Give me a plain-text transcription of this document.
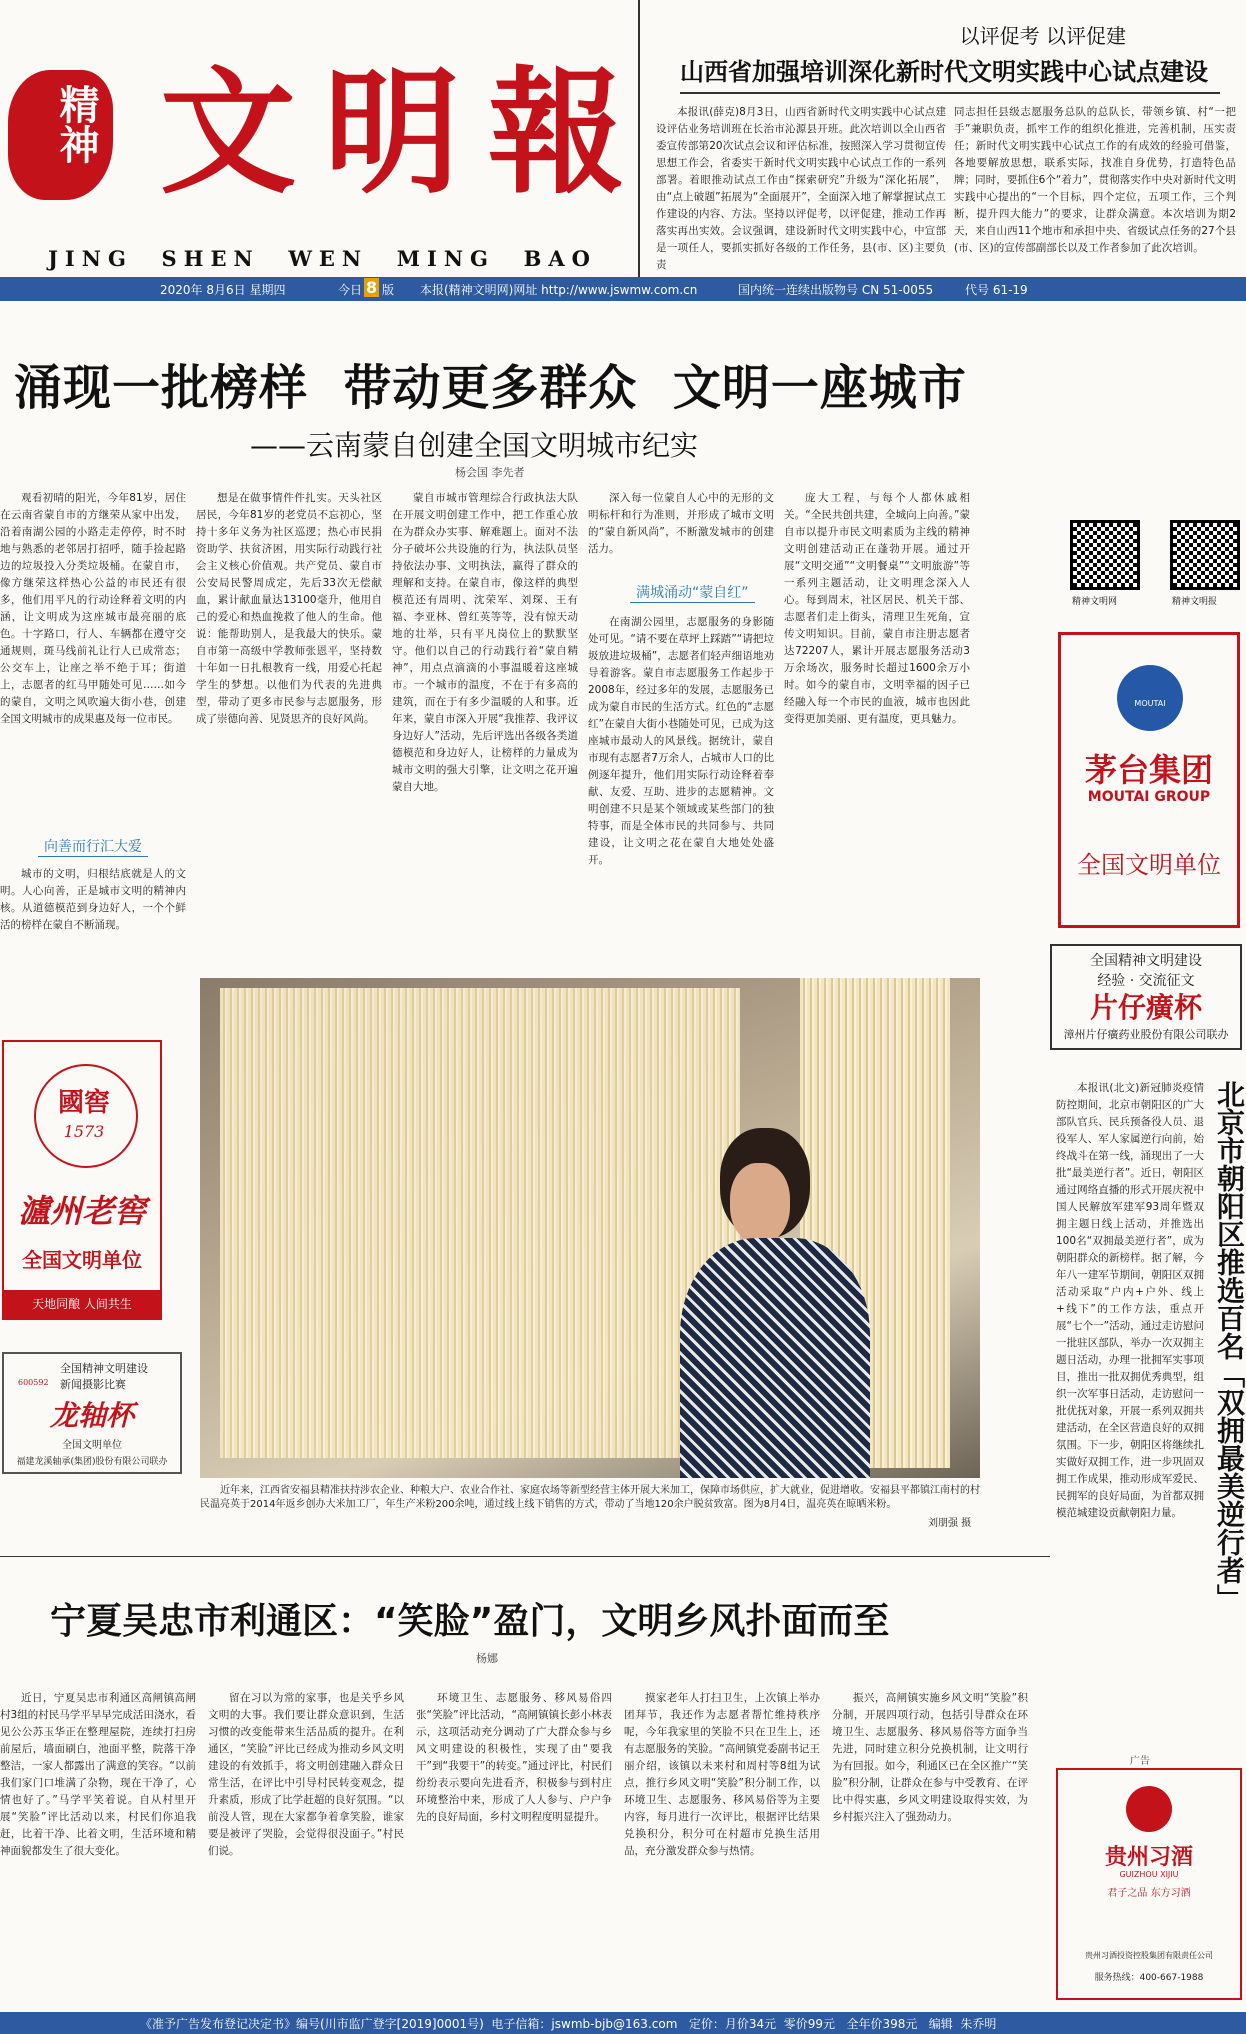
精神 文明報
JING  SHEN  WEN  MING  BAO
以评促考 以评促建
山西省加强培训深化新时代文明实践中心试点建设
本报讯(薛克)8月3日，山西省新时代文明实践中心试点建设评估业务培训班在长治市沁源县开班。此次培训以全山西省委宣传部第20次试点会议和评估标准，按照深入学习贯彻宣传思想工作会，省委实干新时代文明实践中心试点工作的一系列部署。着眼推动试点工作由“探索研究”升级为“深化拓展”，由“点上破题”拓展为“全面展开”，全面深入地了解掌握试点工作建设的内容、方法。坚持以评促考，以评促建，推动工作再落实再出实效。会议强调，建设新时代文明实践中心，中宣部是一项任人，要抓实抓好各级的工作任务，县(市、区)主要负责
同志担任县级志愿服务总队的总队长，带领乡镇、村“一把手”兼职负责，抓牢工作的组织化推进，完善机制，压实责任；新时代文明实践中心试点工作的有成效的经验可借鉴，各地要解放思想，联系实际，找准自身优势，打造特色品牌；同时，要抓住6个“着力”，贯彻落实作中央对新时代文明实践中心提出的“一个目标，四个定位，五项工作，三个判断，提升四大能力”的要求，让群众满意。本次培训为期2天，来自山西11个地市和承担中央、省级试点任务的27个县(市、区)的宣传部副部长以及工作者参加了此次培训。
2020年 8月6日 星期四	今日 8 版 本报(精神文明网)网址 http://www.jswmw.com.cn	国内统一连续出版物号 CN 51-0055	代号 61-19
涌现一批榜样  带动更多群众  文明一座城市
——云南蒙自创建全国文明城市纪实
杨会国 李先者

观看初晴的阳光，今年81岁，居住在云南省蒙自市的方继荣从家中出发，沿着南湖公园的小路走走停停，时不时地与熟悉的老邻居打招呼，随手捡起路边的垃圾投入分类垃圾桶。在蒙自市，像方继荣这样热心公益的市民还有很多，他们用平凡的行动诠释着文明的内涵，让文明成为这座城市最亮丽的底色。十字路口，行人、车辆都在遵守交通规则，斑马线前礼让行人已成常态；公交车上，让座之举不绝于耳；街道上，志愿者的红马甲随处可见……如今的蒙自，文明之风吹遍大街小巷，创建全国文明城市的成果惠及每一位市民。

向善而行汇大爱

城市的文明，归根结底就是人的文明。人心向善，正是城市文明的精神内核。从道德模范到身边好人，一个个鲜活的榜样在蒙自不断涌现。

想是在做事情件件扎实。天头社区居民，今年81岁的老党员不忘初心，坚持十多年义务为社区巡逻；热心市民捐资助学、扶贫济困，用实际行动践行社会主义核心价值观。共产党员、蒙自市公安局民警周成定，先后33次无偿献血，累计献血量达13100毫升，他用自己的爱心和热血挽救了他人的生命。他说：能帮助别人，是我最大的快乐。蒙自市第一高级中学教师张恩平，坚持数十年如一日扎根教育一线，用爱心托起学生的梦想。以他们为代表的先进典型，带动了更多市民参与志愿服务，形成了崇德向善、见贤思齐的良好风尚。

蒙自市城市管理综合行政执法大队在开展文明创建工作中，把工作重心放在为群众办实事、解难题上。面对不法分子破坏公共设施的行为，执法队员坚持依法办事、文明执法，赢得了群众的理解和支持。在蒙自市，像这样的典型模范还有周明、沈荣军、刘琛、王有福、李亚林、曾红英等等，没有惊天动地的壮举，只有平凡岗位上的默默坚守。他们以自己的行动践行着“蒙自精神”，用点点滴滴的小事温暖着这座城市。一个城市的温度，不在于有多高的建筑，而在于有多少温暖的人和事。近年来，蒙自市深入开展“我推荐、我评议身边好人”活动，先后评选出各级各类道德模范和身边好人，让榜样的力量成为城市文明的强大引擎，让文明之花开遍蒙自大地。

深入每一位蒙自人心中的无形的文明标杆和行为准则，并形成了城市文明的“蒙自新风尚”，不断激发城市的创建活力。

满城涌动“蒙自红”

在南湖公园里，志愿服务的身影随处可见。“请不要在草坪上踩踏”“请把垃圾放进垃圾桶”，志愿者们轻声细语地劝导着游客。蒙自市志愿服务工作起步于2008年，经过多年的发展，志愿服务已成为蒙自市民的生活方式。红色的“志愿红”在蒙自大街小巷随处可见，已成为这座城市最动人的风景线。据统计，蒙自市现有志愿者7万余人，占城市人口的比例逐年提升，他们用实际行动诠释着奉献、友爱、互助、进步的志愿精神。文明创建不只是某个领域或某些部门的独特事，而是全体市民的共同参与、共同建设，让文明之花在蒙自大地处处盛开。

庞大工程，与每个人都休戚相关。“全民共创共建，全城向上向善。”蒙自市以提升市民文明素质为主线的精神文明创建活动正在蓬勃开展。通过开展“文明交通”“文明餐桌”“文明旅游”等一系列主题活动，让文明理念深入人心。每到周末，社区居民、机关干部、志愿者们走上街头，清理卫生死角，宣传文明知识。目前，蒙自市注册志愿者达72207人，累计开展志愿服务活动3万余场次，服务时长超过1600余万小时。如今的蒙自市，文明幸福的因子已经融入每一个市民的血液，城市也因此变得更加美丽、更有温度，更具魅力。

精神文明网	精神文明报
MOUTAI
茅台集团
MOUTAI GROUP
全国文明单位
全国精神文明建设
经验 · 交流征文
片仔癀杯
漳州片仔癀药业股份有限公司联办
近年来，江西省安福县精准扶持涉农企业、种粮大户、农业合作社、家庭农场等新型经营主体开展大米加工，保障市场供应，扩大就业，促进增收。安福县平都镇江南村的村民温亮英于2014年返乡创办大米加工厂，年生产米粉200余吨，通过线上线下销售的方式，带动了当地120余户脱贫致富。图为8月4日，温亮英在晾晒米粉。
刘朋强 摄
國窖
1573
瀘州老窖
全国文明单位
天地同酿 人间共生
600592
全国精神文明建设
新闻摄影比赛
龙轴杯
全国文明单位
福建龙溪轴承(集团)股份有限公司联办	北京市朝阳区推选百名「双拥最美逆行者」

本报讯(北文)新冠肺炎疫情防控期间，北京市朝阳区的广大部队官兵、民兵预备役人员、退役军人、军人家属逆行向前，始终战斗在第一线，涌现出了一大批“最美逆行者”。近日，朝阳区通过网络直播的形式开展庆祝中国人民解放军建军93周年暨双拥主题日线上活动，并推选出100名“双拥最美逆行者”，成为朝阳群众的新榜样。据了解，今年八一建军节期间，朝阳区双拥活动采取“户内+户外、线上+线下”的工作方法，重点开展“七个一”活动，通过走访慰问一批驻区部队，举办一次双拥主题日活动，办理一批拥军实事项目，推出一批双拥优秀典型，组织一次军事日活动，走访慰问一批优抚对象，开展一系列双拥共建活动，在全区营造良好的双拥氛围。下一步，朝阳区将继续扎实做好双拥工作，进一步巩固双拥工作成果，推动形成军爱民、民拥军的良好局面，为首都双拥模范城建设贡献朝阳力量。

广告
贵州习酒
GUIZHOU XIJIU
君子之品 东方习酒
贵州习酒投资控股集团有限责任公司
服务热线：400-667-1988
宁夏吴忠市利通区：“笑脸”盈门，文明乡风扑面而至
杨娜

近日，宁夏吴忠市利通区高闸镇高闸村3组的村民马学平早早完成活田浇水，看见公公苏玉华正在整理屋院，连续打扫房前屋后，墙面刷白，池面平整，院落干净整洁，一家人都露出了满意的笑容。“以前我们家门口堆满了杂物，现在干净了，心情也好了。”马学平笑着说。自从村里开展“笑脸”评比活动以来，村民们你追我赶，比着干净、比着文明，生活环境和精神面貌都发生了很大变化。

留在习以为常的家事，也是关乎乡风文明的大事。我们要让群众意识到，生活习惯的改变能带来生活品质的提升。在利通区，“笑脸”评比已经成为推动乡风文明建设的有效抓手，将文明创建融入群众日常生活，在评比中引导村民转变观念，提升素质，形成了比学赶超的良好氛围。“以前没人管，现在大家都争着拿笑脸，谁家要是被评了哭脸，会觉得很没面子。”村民们说。

环境卫生、志愿服务、移风易俗四张“笑脸”评比活动，“高闸镇镇长彭小林表示，这项活动充分调动了广大群众参与乡风文明建设的积极性，实现了由“要我干”到“我要干”的转变。”通过评比，村民们纷纷表示要向先进看齐，积极参与到村庄环境整治中来，形成了人人参与、户户争先的良好局面，乡村文明程度明显提升。

摸家老年人打扫卫生，上次镇上举办团拜节，我还作为志愿者帮忙维持秩序呢，今年我家里的笑脸不只在卫生上，还有志愿服务的笑脸。“高闸镇党委副书记王丽介绍，该镇以未来村和周村等8组为试点，推行乡风文明“笑脸”积分制工作，以环境卫生、志愿服务、移风易俗等为主要内容，每月进行一次评比，根据评比结果兑换积分，积分可在村超市兑换生活用品，充分激发群众参与热情。

振兴，高闸镇实施乡风文明“笑脸”积分制，开展四项行动，包括引导群众在环境卫生、志愿服务、移风易俗等方面争当先进，同时建立积分兑换机制，让文明行为有回报。如今，利通区已在全区推广“笑脸”积分制，让群众在参与中受教育、在评比中得实惠，乡风文明建设取得实效，为乡村振兴注入了强劲动力。

《准予广告发布登记决定书》编号(川市监广登字[2019]0001号)  电子信箱：jswmb-bjb@163.com   定价：月价34元  零价99元   全年价398元   编辑  朱乔明
